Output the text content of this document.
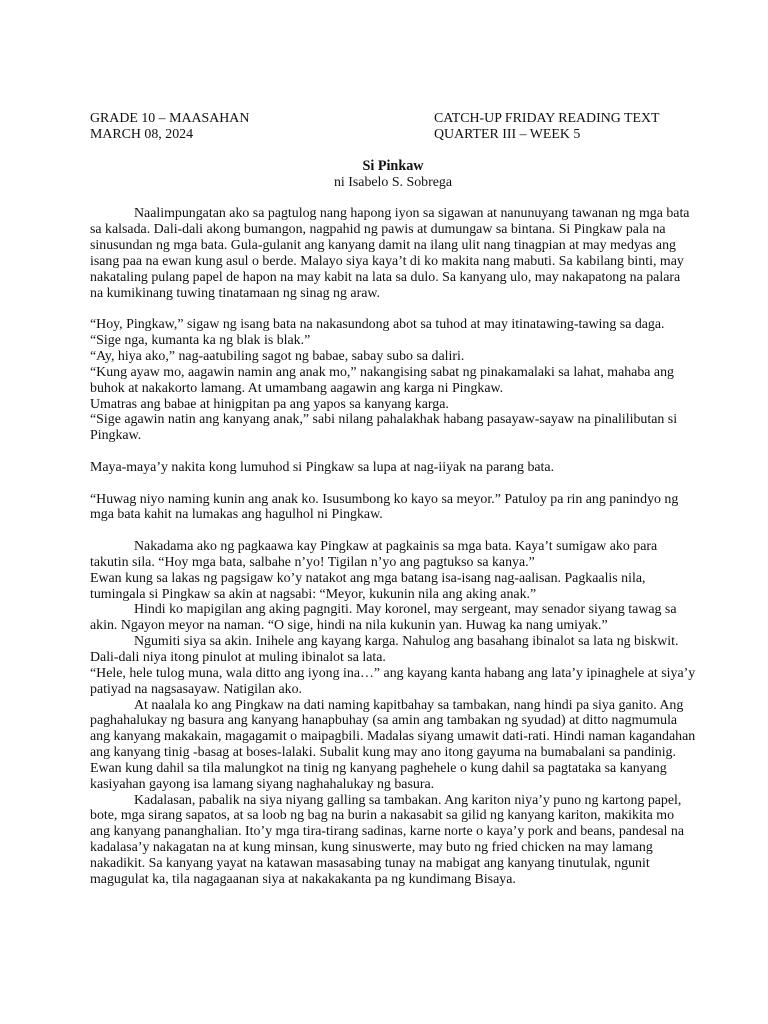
GRADE 10 – MAASAHAN
MARCH 08, 2024
CATCH-UP FRIDAY READING TEXT
QUARTER III – WEEK 5
Si Pinkaw
ni Isabelo S. Sobrega

Naalimpungatan ako sa pagtulog nang hapong iyon sa sigawan at nanunuyang tawanan ng mga bata sa kalsada. Dali-dali akong bumangon, nagpahid ng pawis at dumungaw sa bintana. Si Pingkaw pala na sinusundan ng mga bata. Gula-gulanit ang kanyang damit na ilang ulit nang tinagpian at may medyas ang isang paa na ewan kung asul o berde. Malayo siya kaya’t di ko makita nang mabuti. Sa kabilang binti, may nakataling pulang papel de hapon na may kabit na lata sa dulo. Sa kanyang ulo, may nakapatong na palara na kumikinang tuwing tinatamaan ng sinag ng araw.

“Hoy, Pingkaw,” sigaw ng isang bata na nakasundong abot sa tuhod at may itinatawing-tawing sa daga.

“Sige nga, kumanta ka ng blak is blak.”

“Ay, hiya ako,” nag-aatubiling sagot ng babae, sabay subo sa daliri.

“Kung ayaw mo, aagawin namin ang anak mo,” nakangising sabat ng pinakamalaki sa lahat, mahaba ang buhok at nakakorto lamang. At umambang aagawin ang karga ni Pingkaw.

Umatras ang babae at hinigpitan pa ang yapos sa kanyang karga.

“Sige agawin natin ang kanyang anak,” sabi nilang pahalakhak habang pasayaw-sayaw na pinalilibutan si Pingkaw.

Maya-maya’y nakita kong lumuhod si Pingkaw sa lupa at nag-iiyak na parang bata.

“Huwag niyo naming kunin ang anak ko. Isusumbong ko kayo sa meyor.” Patuloy pa rin ang panindyo ng mga bata kahit na lumakas ang hagulhol ni Pingkaw.

Nakadama ako ng pagkaawa kay Pingkaw at pagkainis sa mga bata. Kaya’t sumigaw ako para takutin sila. “Hoy mga bata, salbahe n’yo! Tigilan n’yo ang pagtukso sa kanya.”

Ewan kung sa lakas ng pagsigaw ko’y natakot ang mga batang isa-isang nag-aalisan. Pagkaalis nila, tumingala si Pingkaw sa akin at nagsabi: “Meyor, kukunin nila ang aking anak.”

Hindi ko mapigilan ang aking pagngiti. May koronel, may sergeant, may senador siyang tawag sa akin. Ngayon meyor na naman. “O sige, hindi na nila kukunin yan. Huwag ka nang umiyak.”

Ngumiti siya sa akin. Inihele ang kayang karga. Nahulog ang basahang ibinalot sa lata ng biskwit. Dali-dali niya itong pinulot at muling ibinalot sa lata.

“Hele, hele tulog muna, wala ditto ang iyong ina…” ang kayang kanta habang ang lata’y ipinaghele at siya’y patiyad na nagsasayaw. Natigilan ako.

At naalala ko ang Pingkaw na dati naming kapitbahay sa tambakan, nang hindi pa siya ganito. Ang paghahalukay ng basura ang kanyang hanapbuhay (sa amin ang tambakan ng syudad) at ditto nagmumula ang kanyang makakain, magagamit o maipagbili. Madalas siyang umawit dati-rati. Hindi naman kagandahan ang kanyang tinig -basag at boses-lalaki. Subalit kung may ano itong gayuma na bumabalani sa pandinig. Ewan kung dahil sa tila malungkot na tinig ng kanyang paghehele o kung dahil sa pagtataka sa kanyang kasiyahan gayong isa lamang siyang naghahalukay ng basura.

Kadalasan, pabalik na siya niyang galling sa tambakan. Ang kariton niya’y puno ng kartong papel, bote, mga sirang sapatos, at sa loob ng bag na burin a nakasabit sa gilid ng kanyang kariton, makikita mo ang kanyang pananghalian. Ito’y mga tira-tirang sadinas, karne norte o kaya’y pork and beans, pandesal na kadalasa’y nakagatan na at kung minsan, kung sinuswerte, may buto ng fried chicken na may lamang nakadikit. Sa kanyang yayat na katawan masasabing tunay na mabigat ang kanyang tinutulak, ngunit magugulat ka, tila nagagaanan siya at nakakakanta pa ng kundimang Bisaya.
